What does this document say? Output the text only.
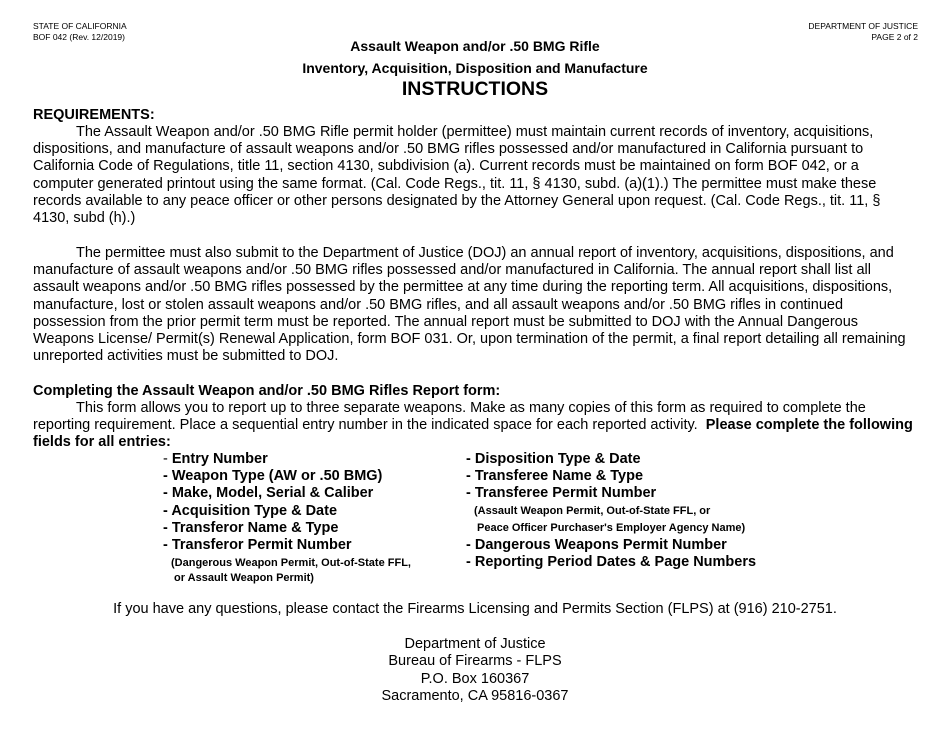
STATE OF CALIFORNIA
BOF 042 (Rev. 12/2019)
DEPARTMENT OF JUSTICE
PAGE 2 of 2
Assault Weapon and/or .50 BMG Rifle
Inventory, Acquisition, Disposition and Manufacture
INSTRUCTIONS
REQUIREMENTS:
The Assault Weapon and/or .50 BMG Rifle permit holder (permittee) must maintain current records of inventory, acquisitions, dispositions, and manufacture of assault weapons and/or .50 BMG rifles possessed and/or manufactured in California pursuant to California Code of Regulations, title 11, section 4130, subdivision (a). Current records must be maintained on form BOF 042, or a computer generated printout using the same format. (Cal. Code Regs., tit. 11, § 4130, subd. (a)(1).) The permittee must make these records available to any peace officer or other persons designated by the Attorney General upon request. (Cal. Code Regs., tit. 11, § 4130, subd (h).)
The permittee must also submit to the Department of Justice (DOJ) an annual report of inventory, acquisitions, dispositions, and manufacture of assault weapons and/or .50 BMG rifles possessed and/or manufactured in California. The annual report shall list all assault weapons and/or .50 BMG rifles possessed by the permittee at any time during the reporting term. All acquisitions, dispositions, manufacture, lost or stolen assault weapons and/or .50 BMG rifles, and all assault weapons and/or .50 BMG rifles in continued possession from the prior permit term must be reported. The annual report must be submitted to DOJ with the Annual Dangerous Weapons License/ Permit(s) Renewal Application, form BOF 031. Or, upon termination of the permit, a final report detailing all remaining unreported activities must be submitted to DOJ.
Completing the Assault Weapon and/or .50 BMG Rifles Report form:
This form allows you to report up to three separate weapons. Make as many copies of this form as required to complete the reporting requirement. Place a sequential entry number in the indicated space for each reported activity. Please complete the following fields for all entries:
- Entry Number
- Weapon Type (AW or .50 BMG)
- Make, Model, Serial & Caliber
- Acquisition Type & Date
- Transferor Name & Type
- Transferor Permit Number
(Dangerous Weapon Permit, Out-of-State FFL,
or Assault Weapon Permit)
- Disposition Type & Date
- Transferee Name & Type
- Transferee Permit Number
(Assault Weapon Permit, Out-of-State FFL, or
Peace Officer Purchaser's Employer Agency Name)
- Dangerous Weapons Permit Number
- Reporting Period Dates & Page Numbers
If you have any questions, please contact the Firearms Licensing and Permits Section (FLPS) at (916) 210-2751.
Department of Justice
Bureau of Firearms - FLPS
P.O. Box 160367
Sacramento, CA 95816-0367
